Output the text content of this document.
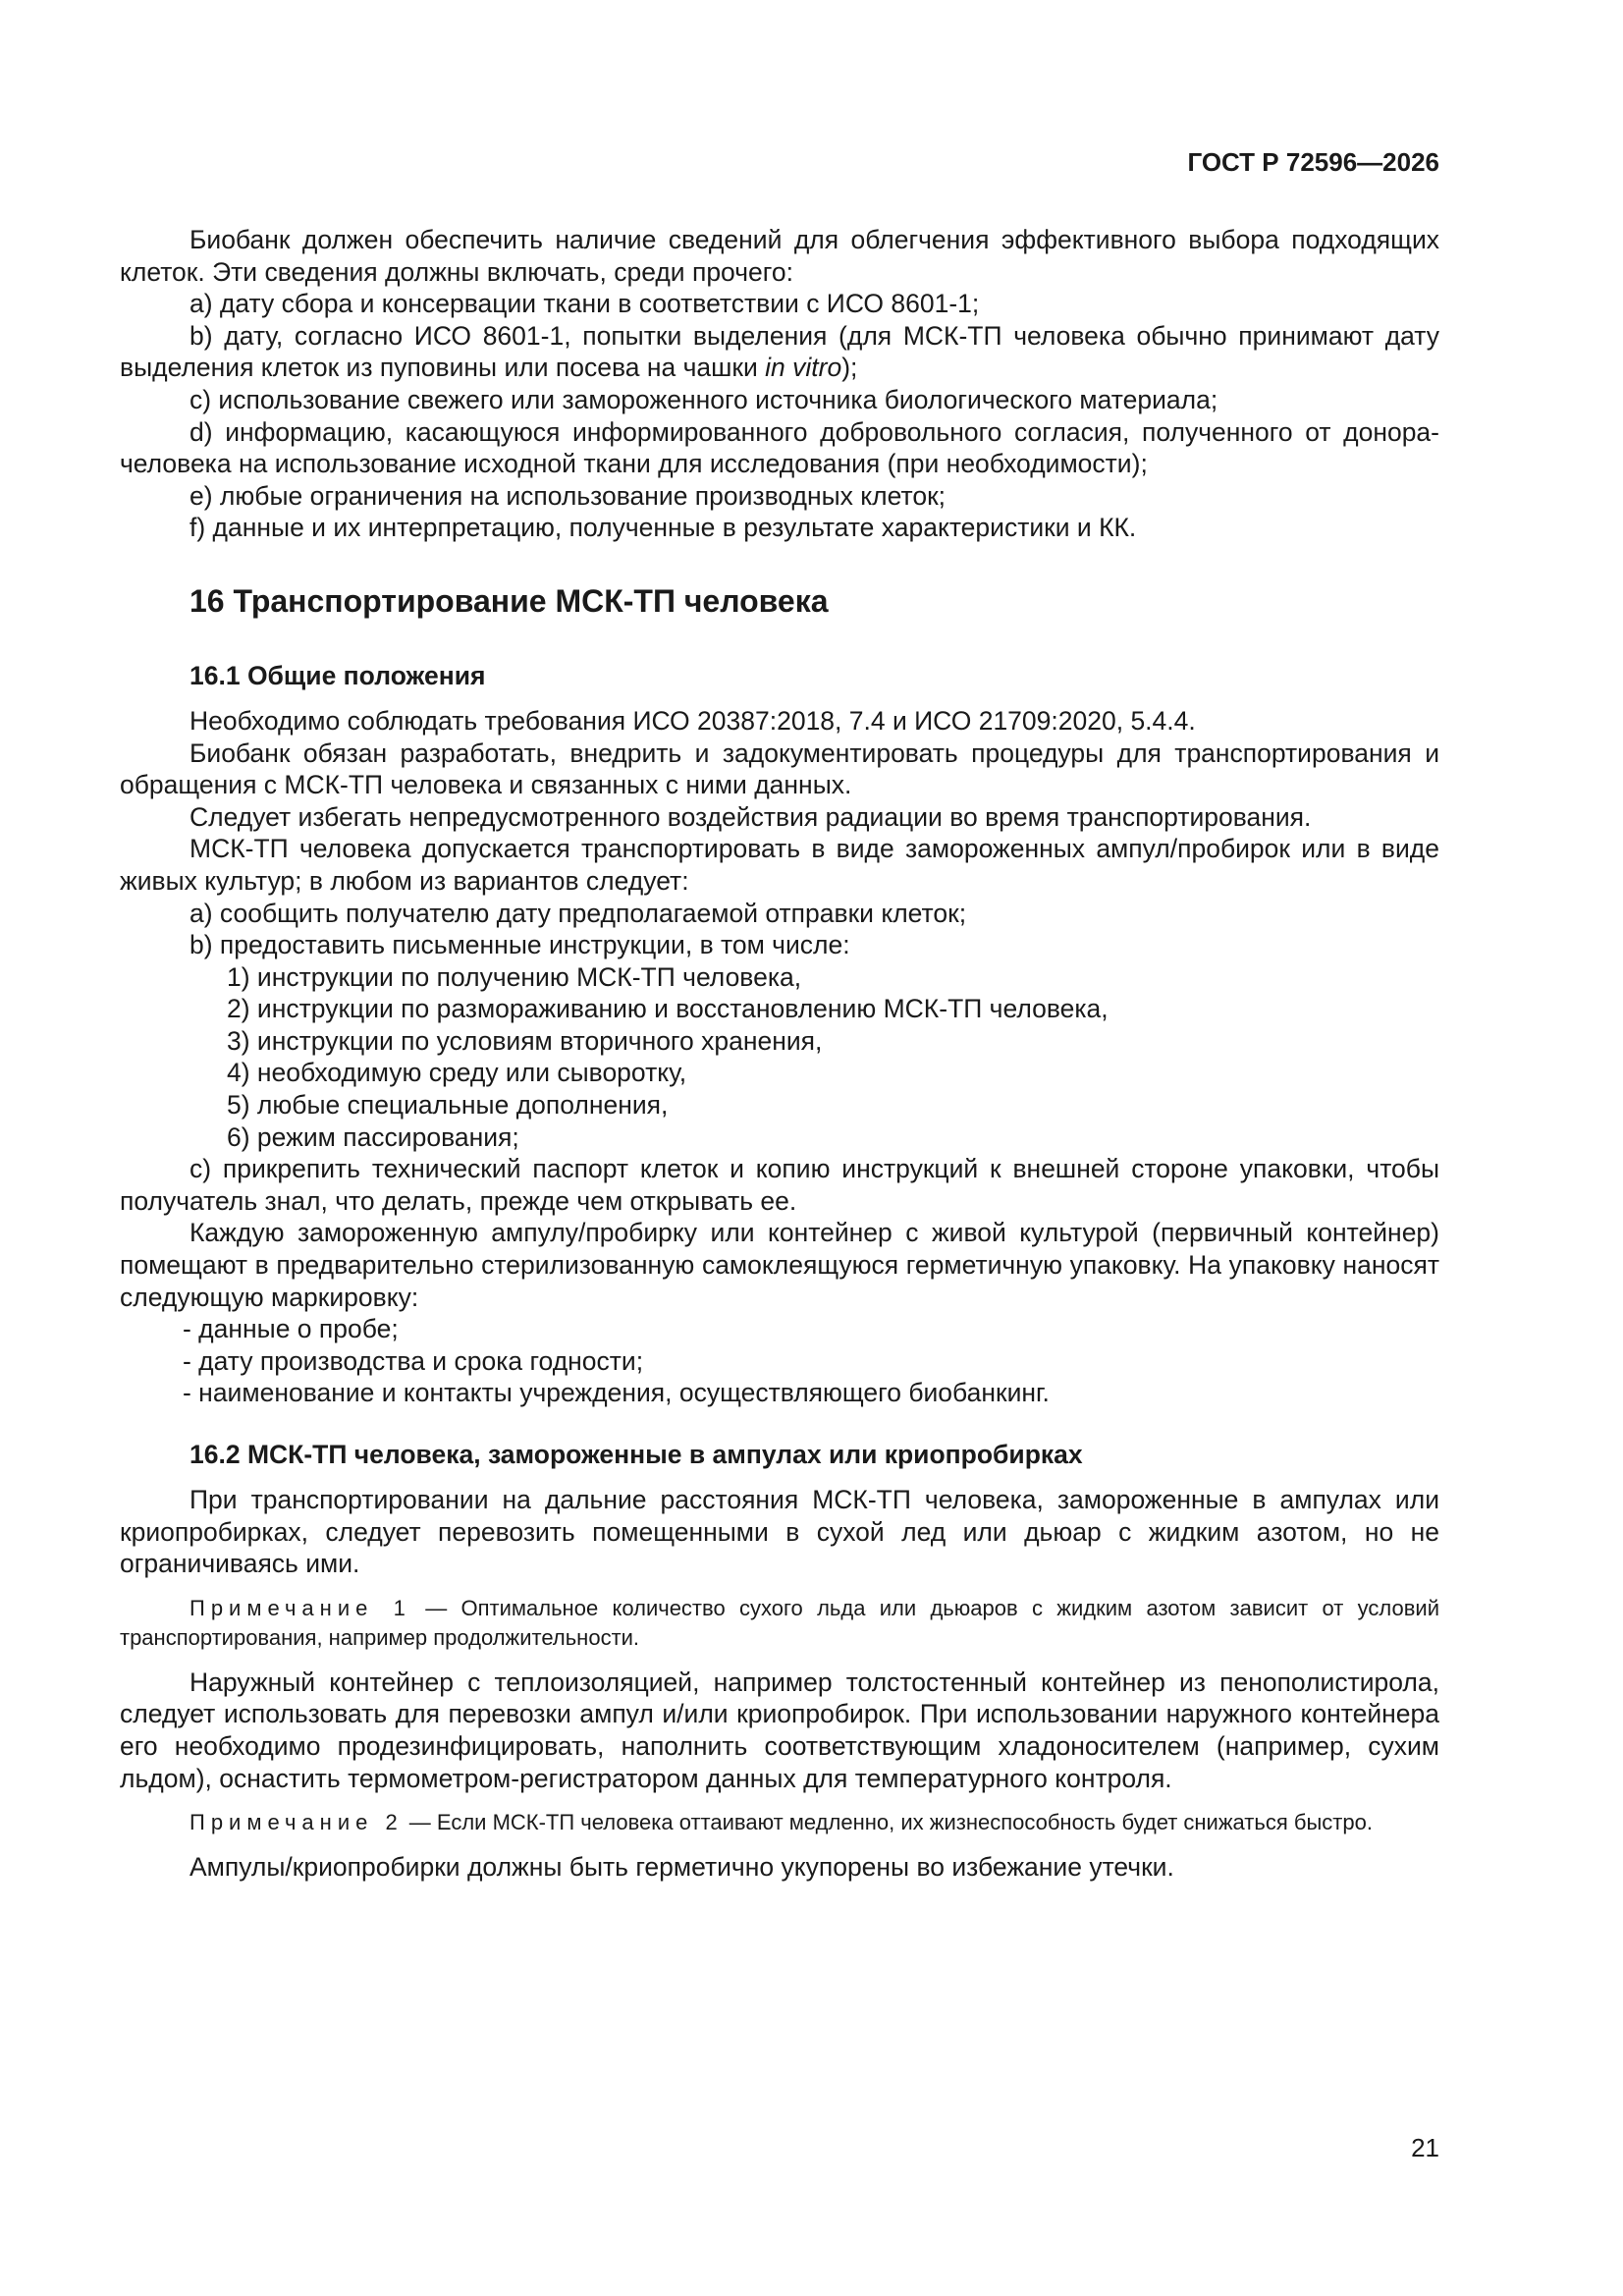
ГОСТ Р 72596—2026

Биобанк должен обеспечить наличие сведений для облегчения эффективного выбора подходящих клеток. Эти сведения должны включать, среди прочего:

a) дату сбора и консервации ткани в соответствии с ИСО 8601-1;

b) дату, согласно ИСО 8601-1, попытки выделения (для МСК-ТП человека обычно принимают дату выделения клеток из пуповины или посева на чашки in vitro);

c) использование свежего или замороженного источника биологического материала;

d) информацию, касающуюся информированного добровольного согласия, полученного от донора-человека на использование исходной ткани для исследования (при необходимости);

e) любые ограничения на использование производных клеток;

f) данные и их интерпретацию, полученные в результате характеристики и КК.

16 Транспортирование МСК-ТП человека
16.1 Общие положения

Необходимо соблюдать требования ИСО 20387:2018, 7.4 и ИСО 21709:2020, 5.4.4.

Биобанк обязан разработать, внедрить и задокументировать процедуры для транспортирования и обращения с МСК-ТП человека и связанных с ними данных.

Следует избегать непредусмотренного воздействия радиации во время транспортирования.

МСК-ТП человека допускается транспортировать в виде замороженных ампул/пробирок или в виде живых культур; в любом из вариантов следует:

a) сообщить получателю дату предполагаемой отправки клеток;

b) предоставить письменные инструкции, в том числе:

1) инструкции по получению МСК-ТП человека,

2) инструкции по размораживанию и восстановлению МСК-ТП человека,

3) инструкции по условиям вторичного хранения,

4) необходимую среду или сыворотку,

5) любые специальные дополнения,

6) режим пассирования;

c) прикрепить технический паспорт клеток и копию инструкций к внешней стороне упаковки, чтобы получатель знал, что делать, прежде чем открывать ее.

Каждую замороженную ампулу/пробирку или контейнер с живой культурой (первичный контейнер) помещают в предварительно стерилизованную самоклеящуюся герметичную упаковку. На упаковку наносят следующую маркировку:

- данные о пробе;

- дату производства и срока годности;

- наименование и контакты учреждения, осуществляющего биобанкинг.

16.2 МСК-ТП человека, замороженные в ампулах или криопробирках

При транспортировании на дальние расстояния МСК-ТП человека, замороженные в ампулах или криопробирках, следует перевозить помещенными в сухой лед или дьюар с жидким азотом, но не ограничиваясь ими.

Примечание 1 — Оптимальное количество сухого льда или дьюаров с жидким азотом зависит от условий транспортирования, например продолжительности.

Наружный контейнер с теплоизоляцией, например толстостенный контейнер из пенополистирола, следует использовать для перевозки ампул и/или криопробирок. При использовании наружного контейнера его необходимо продезинфицировать, наполнить соответствующим хладоносителем (например, сухим льдом), оснастить термометром-регистратором данных для температурного контроля.

Примечание 2 — Если МСК-ТП человека оттаивают медленно, их жизнеспособность будет снижаться быстро.

Ампулы/криопробирки должны быть герметично укупорены во избежание утечки.

21
